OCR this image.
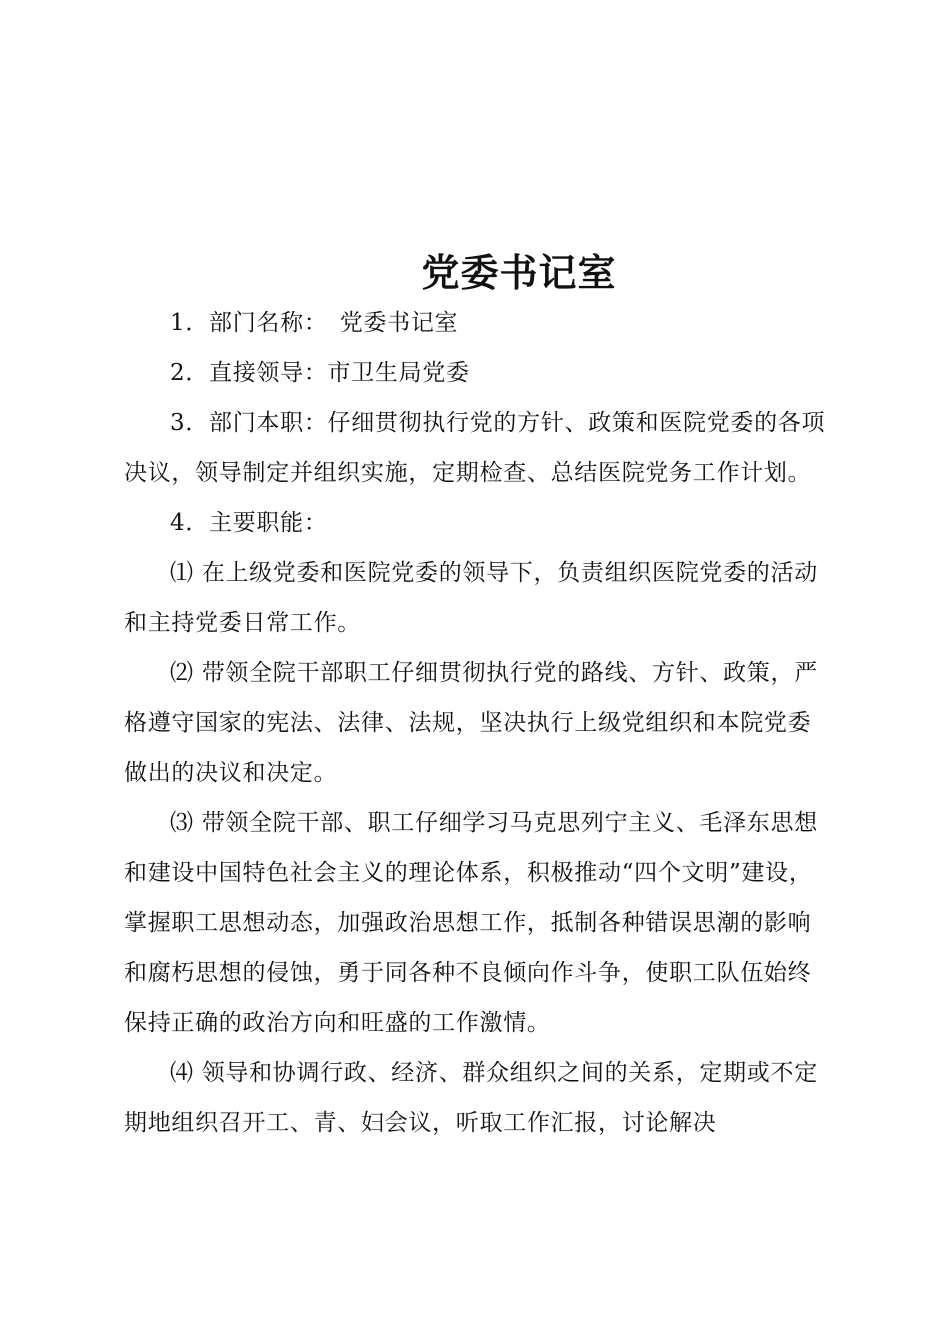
党委书记室

1．部门名称：　党委书记室

2．直接领导：市卫生局党委

3．部门本职：仔细贯彻执行党的方针、政策和医院党委的各项决议，领导制定并组织实施，定期检查、总结医院党务工作计划。

4．主要职能：

⑴ 在上级党委和医院党委的领导下，负责组织医院党委的活动和主持党委日常工作。

⑵ 带领全院干部职工仔细贯彻执行党的路线、方针、政策，严格遵守国家的宪法、法律、法规，坚决执行上级党组织和本院党委做出的决议和决定。

⑶ 带领全院干部、职工仔细学习马克思列宁主义、毛泽东思想和建设中国特色社会主义的理论体系，积极推动“四个文明”建设，掌握职工思想动态，加强政治思想工作，抵制各种错误思潮的影响和腐朽思想的侵蚀，勇于同各种不良倾向作斗争，使职工队伍始终保持正确的政治方向和旺盛的工作激情。

⑷ 领导和协调行政、经济、群众组织之间的关系，定期或不定期地组织召开工、青、妇会议，听取工作汇报，讨论解决
